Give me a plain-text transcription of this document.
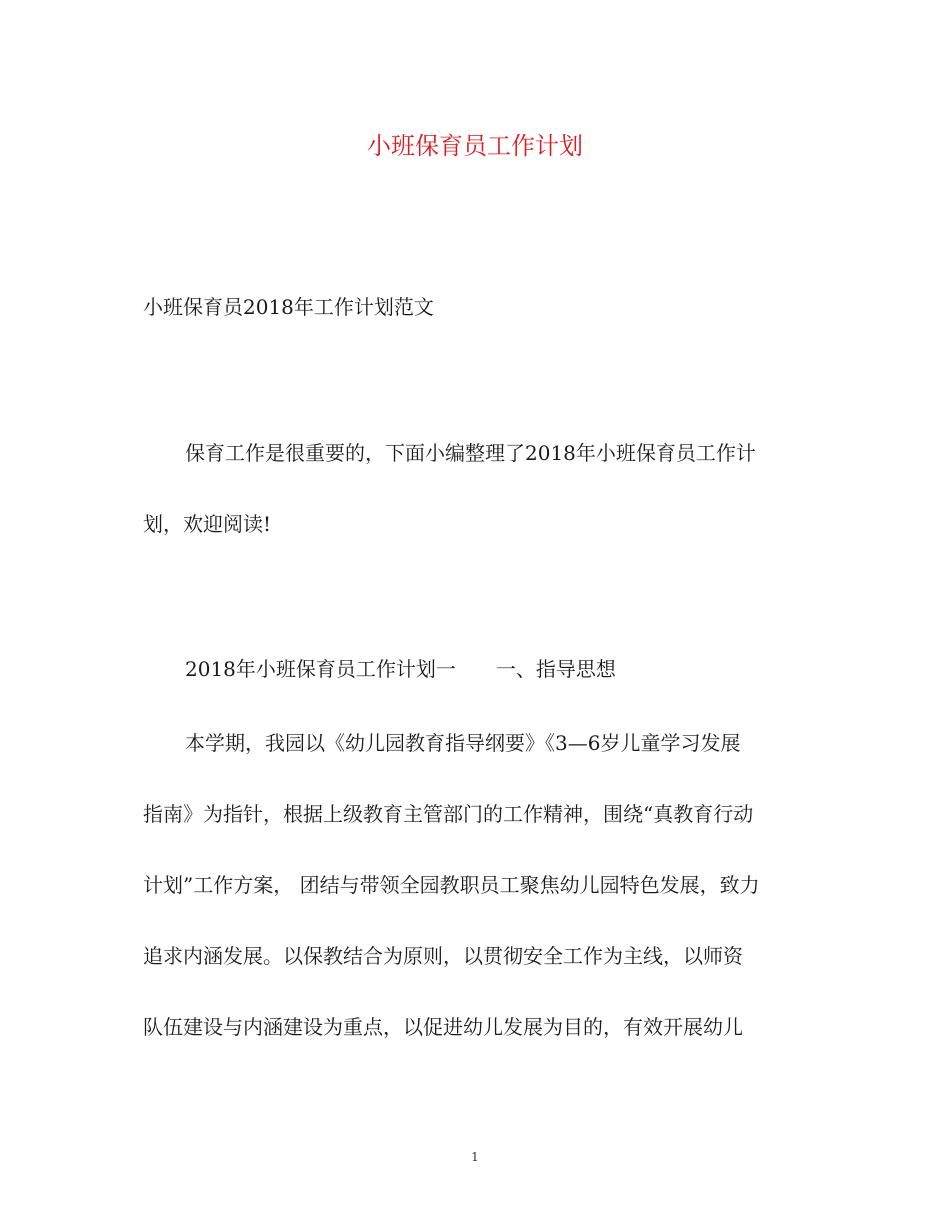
小班保育员工作计划
小班保育员2018年工作计划范文
保育工作是很重要的，下面小编整理了2018年小班保育员工作计
划，欢迎阅读!
2018年小班保育员工作计划一　　一、指导思想
本学期，我园以《幼儿园教育指导纲要》《3—6岁儿童学习发展
指南》为指针，根据上级教育主管部门的工作精神，围绕“真教育行动
计划”工作方案， 团结与带领全园教职员工聚焦幼儿园特色发展，致力
追求内涵发展。以保教结合为原则，以贯彻安全工作为主线，以师资
队伍建设与内涵建设为重点，以促进幼儿发展为目的，有效开展幼儿
1
